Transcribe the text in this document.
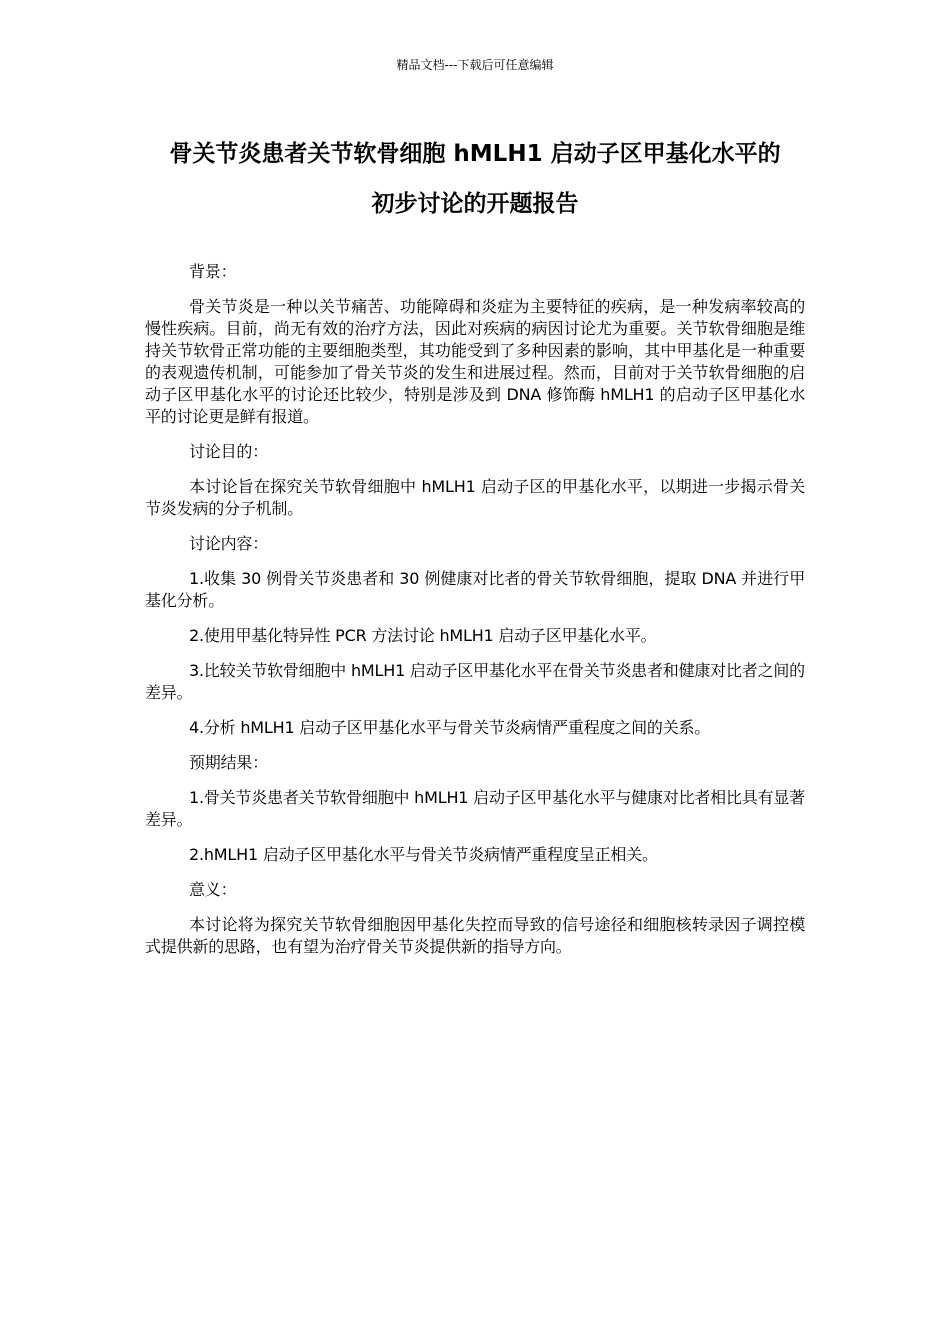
精品文档---下载后可任意编辑
骨关节炎患者关节软骨细胞 hMLH1 启动子区甲基化水平的
初步讨论的开题报告

背景：

骨关节炎是一种以关节痛苦、功能障碍和炎症为主要特征的疾病，是一种发病率较高的慢性疾病。目前，尚无有效的治疗方法，因此对疾病的病因讨论尤为重要。关节软骨细胞是维持关节软骨正常功能的主要细胞类型，其功能受到了多种因素的影响，其中甲基化是一种重要的表观遗传机制，可能参加了骨关节炎的发生和进展过程。然而，目前对于关节软骨细胞的启动子区甲基化水平的讨论还比较少，特别是涉及到 DNA 修饰酶 hMLH1 的启动子区甲基化水平的讨论更是鲜有报道。

讨论目的：

本讨论旨在探究关节软骨细胞中 hMLH1 启动子区的甲基化水平，以期进一步揭示骨关节炎发病的分子机制。

讨论内容：

1.收集 30 例骨关节炎患者和 30 例健康对比者的骨关节软骨细胞，提取 DNA 并进行甲基化分析。

2.使用甲基化特异性 PCR 方法讨论 hMLH1 启动子区甲基化水平。

3.比较关节软骨细胞中 hMLH1 启动子区甲基化水平在骨关节炎患者和健康对比者之间的差异。

4.分析 hMLH1 启动子区甲基化水平与骨关节炎病情严重程度之间的关系。

预期结果：

1.骨关节炎患者关节软骨细胞中 hMLH1 启动子区甲基化水平与健康对比者相比具有显著差异。

2.hMLH1 启动子区甲基化水平与骨关节炎病情严重程度呈正相关。

意义：

本讨论将为探究关节软骨细胞因甲基化失控而导致的信号途径和细胞核转录因子调控模式提供新的思路，也有望为治疗骨关节炎提供新的指导方向。
